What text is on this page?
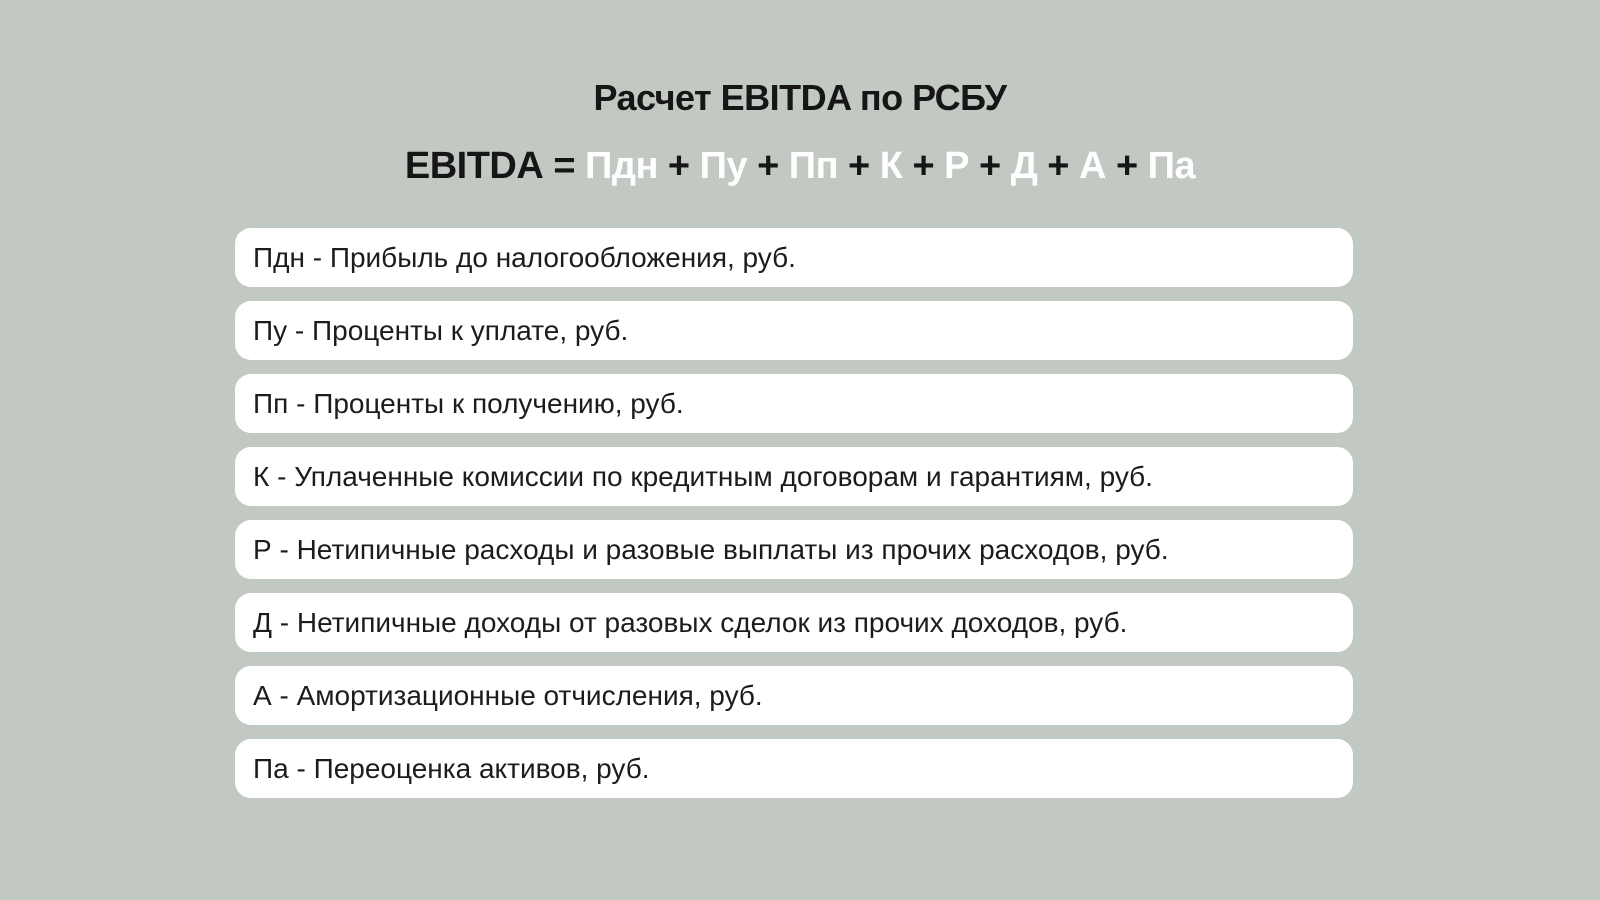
Расчет EBITDA по РСБУ
EBITDA = Пдн + Пу + Пп + К + Р + Д + А + Па
Пдн - Прибыль до налогообложения, руб.
Пу - Проценты к уплате, руб.
Пп - Проценты к получению, руб.
К - Уплаченные комиссии по кредитным договорам и гарантиям, руб.
Р - Нетипичные расходы и разовые выплаты из прочих расходов, руб.
Д - Нетипичные доходы от разовых сделок из прочих доходов, руб.
А - Амортизационные отчисления, руб.
Па - Переоценка активов, руб.
